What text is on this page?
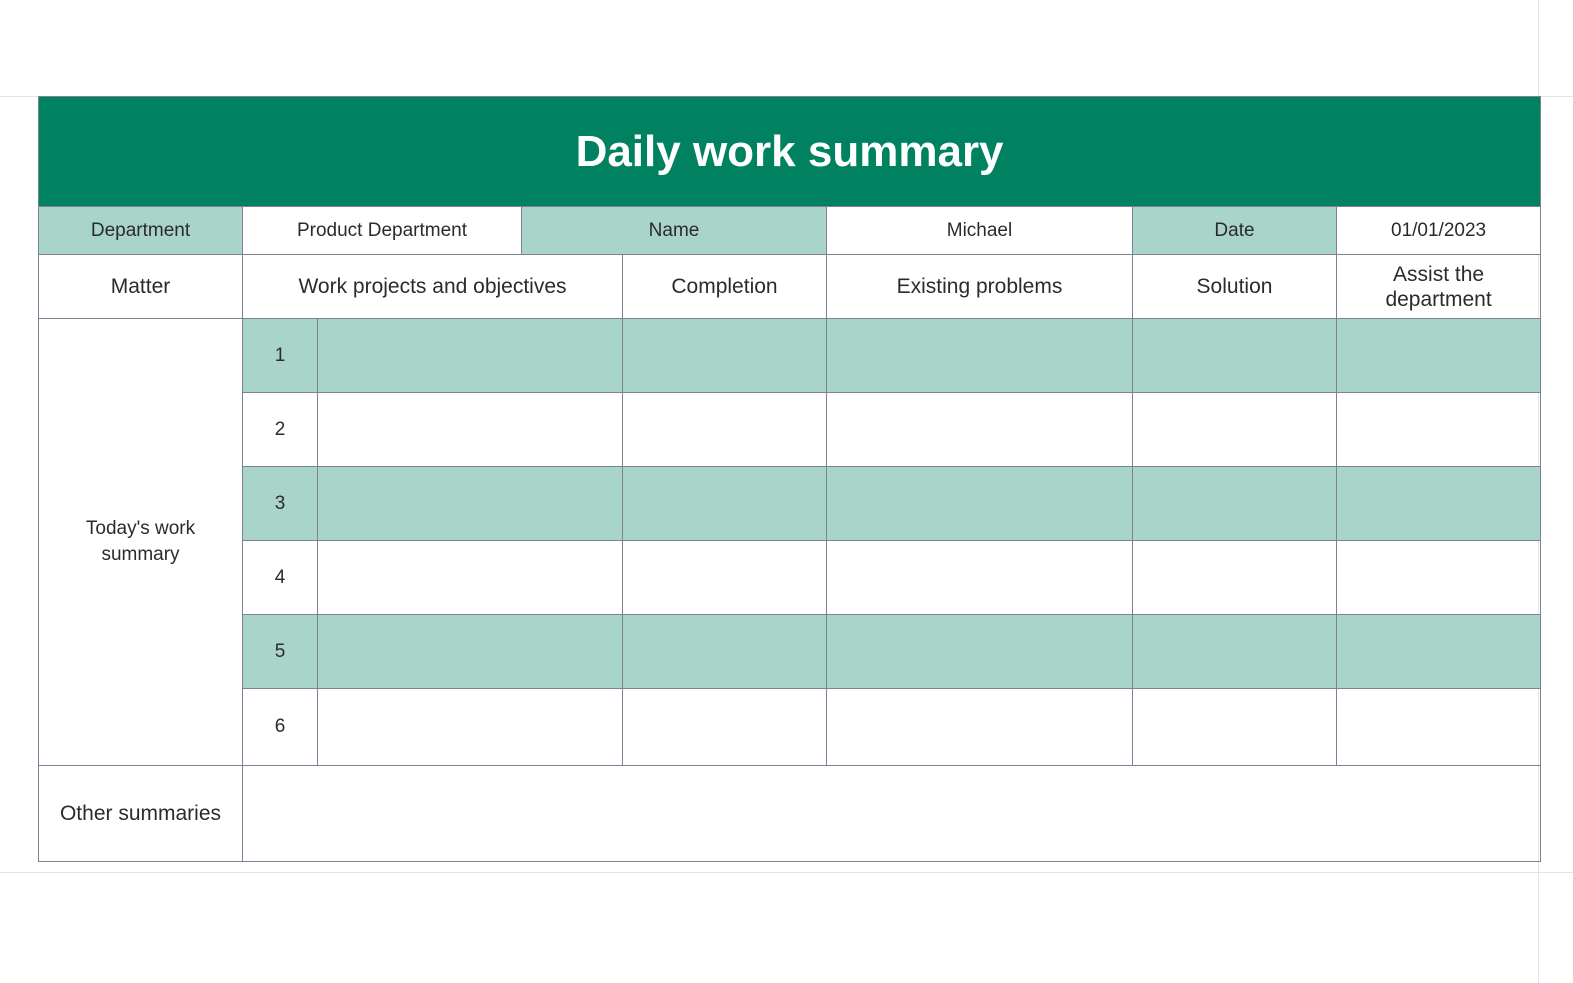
Daily work summary							
Department	Product Department		Name		Michael	Date	01/01/2023
Matter	Work projects and objectives			Completion	Existing problems	Solution	Assist the department
Today's work summary	1						
	2						
	3						
	4						
	5						
	6						
Other summaries							
